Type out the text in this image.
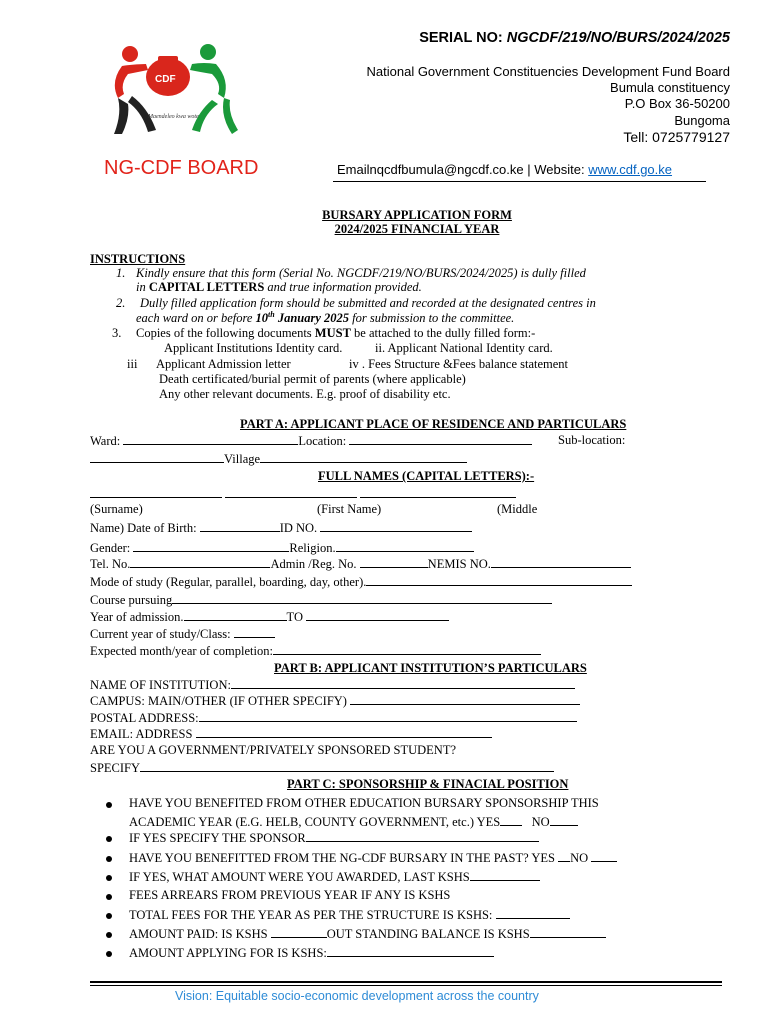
SERIAL NO: NGCDF/219/NO/BURS/2024/2025
CDF
Maendeleo kwa wote
National Government Constituencies Development Fund Board
Bumula constituency
P.O Box 36-50200
Bungoma
Tell: 0725779127
NG-CDF BOARD	Emailnqcdfbumula@ngcdf.co.ke | Website: www.cdf.go.ke
BURSARY APPLICATION FORM
2024/2025 FINANCIAL YEAR
INSTRUCTIONS
1. Kindly ensure that this form (Serial No. NGCDF/219/NO/BURS/2024/2025) is dully filled
in CAPITAL LETTERS and true information provided.
2. Dully filled application form should be submitted and recorded at the designated centres in
each ward on or before 10th January 2025 for submission to the committee.
3. Copies of the following documents MUST be attached to the dully filled form:-
Applicant Institutions Identity card.	ii. Applicant National Identity card.
iii Applicant Admission letter	iv . Fees Structure &Fees balance statement
Death certificated/burial permit of parents (where applicable)
Any other relevant documents. E.g. proof of disability etc.
PART A: APPLICANT PLACE OF RESIDENCE AND PARTICULARS
Ward:	Location:	Sub-location:
Village
FULL NAMES (CAPITAL LETTERS):-

(Surname)	(First Name)	(Middle
Name) Date of Birth:	ID NO.
Gender:	Religion.
Tel. No.	Admin /Reg. No.	NEMIS NO.
Mode of study (Regular, parallel, boarding, day, other).
Course pursuing
Year of admission.	TO
Current year of study/Class:
Expected month/year of completion:
PART B: APPLICANT INSTITUTION’S PARTICULARS
NAME OF INSTITUTION:
CAMPUS: MAIN/OTHER (IF OTHER SPECIFY)
POSTAL ADDRESS:
EMAIL: ADDRESS
ARE YOU A GOVERNMENT/PRIVATELY SPONSORED STUDENT?
SPECIFY
PART C: SPONSORSHIP & FINACIAL POSITION
HAVE YOU BENEFITED FROM OTHER EDUCATION BURSARY SPONSORSHIP THIS
ACADEMIC YEAR (E.G. HELB, COUNTY GOVERNMENT, etc.) YES	NO
IF YES SPECIFY THE SPONSOR
HAVE YOU BENEFITTED FROM THE NG-CDF BURSARY IN THE PAST? YES NO
IF YES, WHAT AMOUNT WERE YOU AWARDED, LAST KSHS
FEES ARREARS FROM PREVIOUS YEAR IF ANY IS KSHS
TOTAL FEES FOR THE YEAR AS PER THE STRUCTURE IS KSHS:
AMOUNT PAID: IS KSHS	OUT STANDING BALANCE IS KSHS
AMOUNT APPLYING FOR IS KSHS:
Vision: Equitable socio-economic development across the country
